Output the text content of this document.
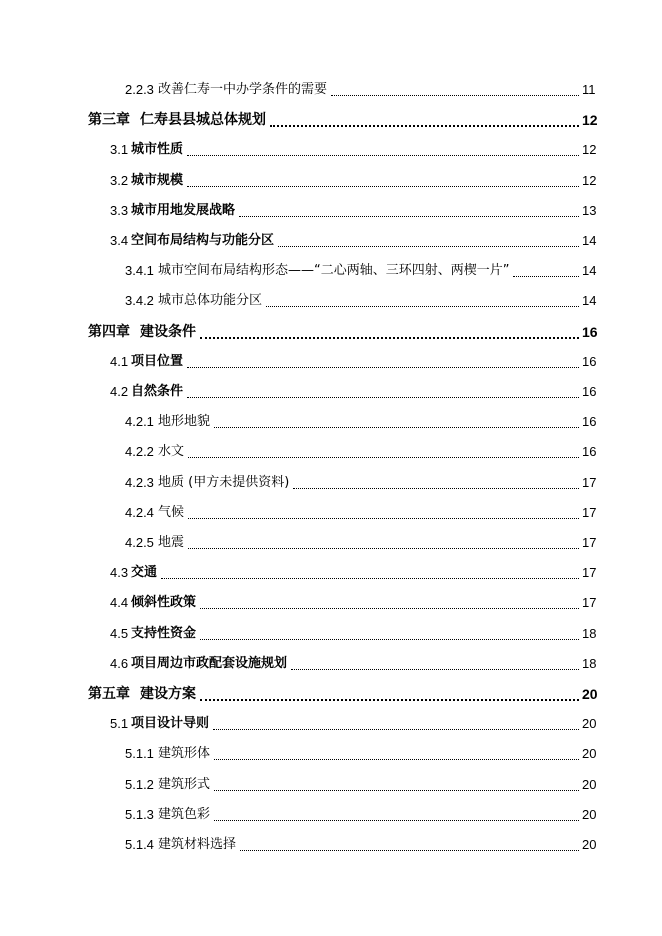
2.2.3 改善仁寿一中办学条件的需要	11
第三章 仁寿县县城总体规划	12
3.1 城市性质	12
3.2 城市规模	12
3.3 城市用地发展战略	13
3.4 空间布局结构与功能分区	14
3.4.1 城市空间布局结构形态——“二心两轴、三环四射、两楔一片”	14
3.4.2 城市总体功能分区	14
第四章 建设条件	16
4.1 项目位置	16
4.2 自然条件	16
4.2.1 地形地貌	16
4.2.2 水文	16
4.2.3 地质 (甲方未提供资料)	17
4.2.4 气候	17
4.2.5 地震	17
4.3 交通	17
4.4 倾斜性政策	17
4.5 支持性资金	18
4.6 项目周边市政配套设施规划	18
第五章 建设方案	20
5.1 项目设计导则	20
5.1.1 建筑形体	20
5.1.2 建筑形式	20
5.1.3 建筑色彩	20
5.1.4 建筑材料选择	20
